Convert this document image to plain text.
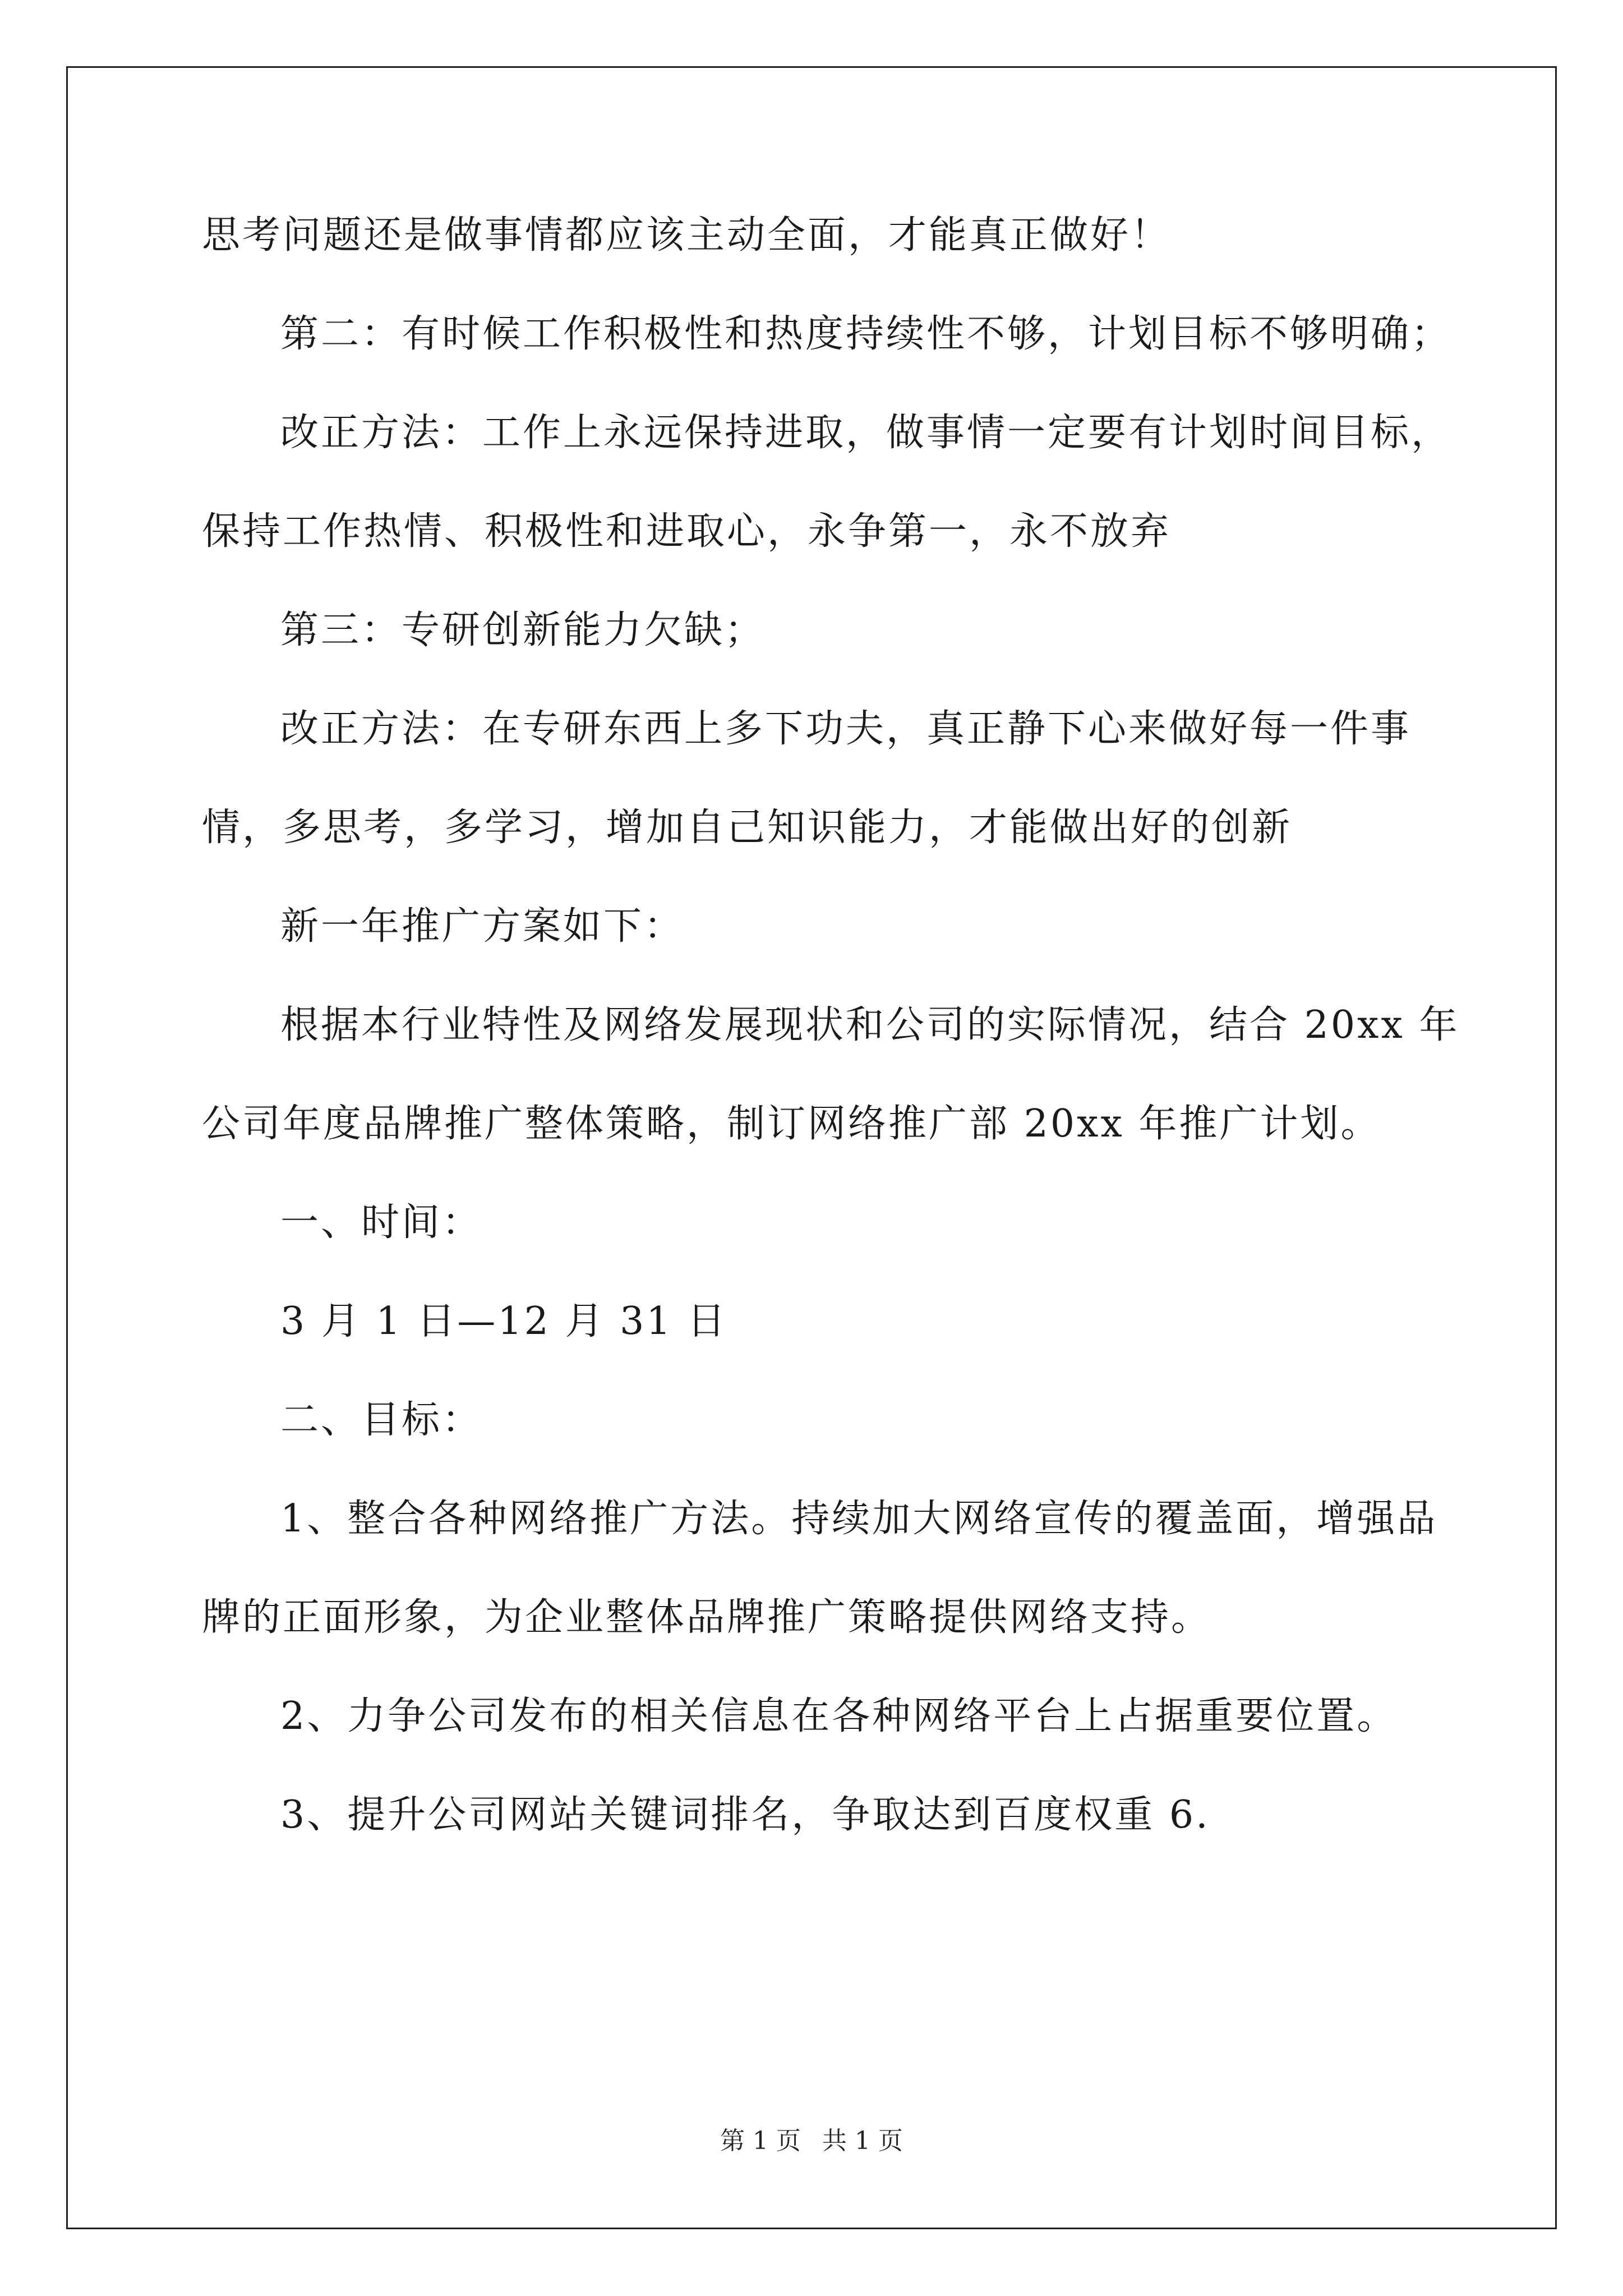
思考问题还是做事情都应该主动全面，才能真正做好！
第二：有时候工作积极性和热度持续性不够，计划目标不够明确；
改正方法：工作上永远保持进取，做事情一定要有计划时间目标，
保持工作热情、积极性和进取心，永争第一，永不放弃
第三：专研创新能力欠缺；
改正方法：在专研东西上多下功夫，真正静下心来做好每一件事
情，多思考，多学习，增加自己知识能力，才能做出好的创新
新一年推广方案如下：
根据本行业特性及网络发展现状和公司的实际情况，结合 20xx 年
公司年度品牌推广整体策略，制订网络推广部 20xx 年推广计划。
一、时间：
3 月 1 日—12 月 31 日
二、目标：
1、整合各种网络推广方法。持续加大网络宣传的覆盖面，增强品
牌的正面形象，为企业整体品牌推广策略提供网络支持。
2、力争公司发布的相关信息在各种网络平台上占据重要位置。
3、提升公司网站关键词排名，争取达到百度权重 6.
第 1 页 共 1 页
